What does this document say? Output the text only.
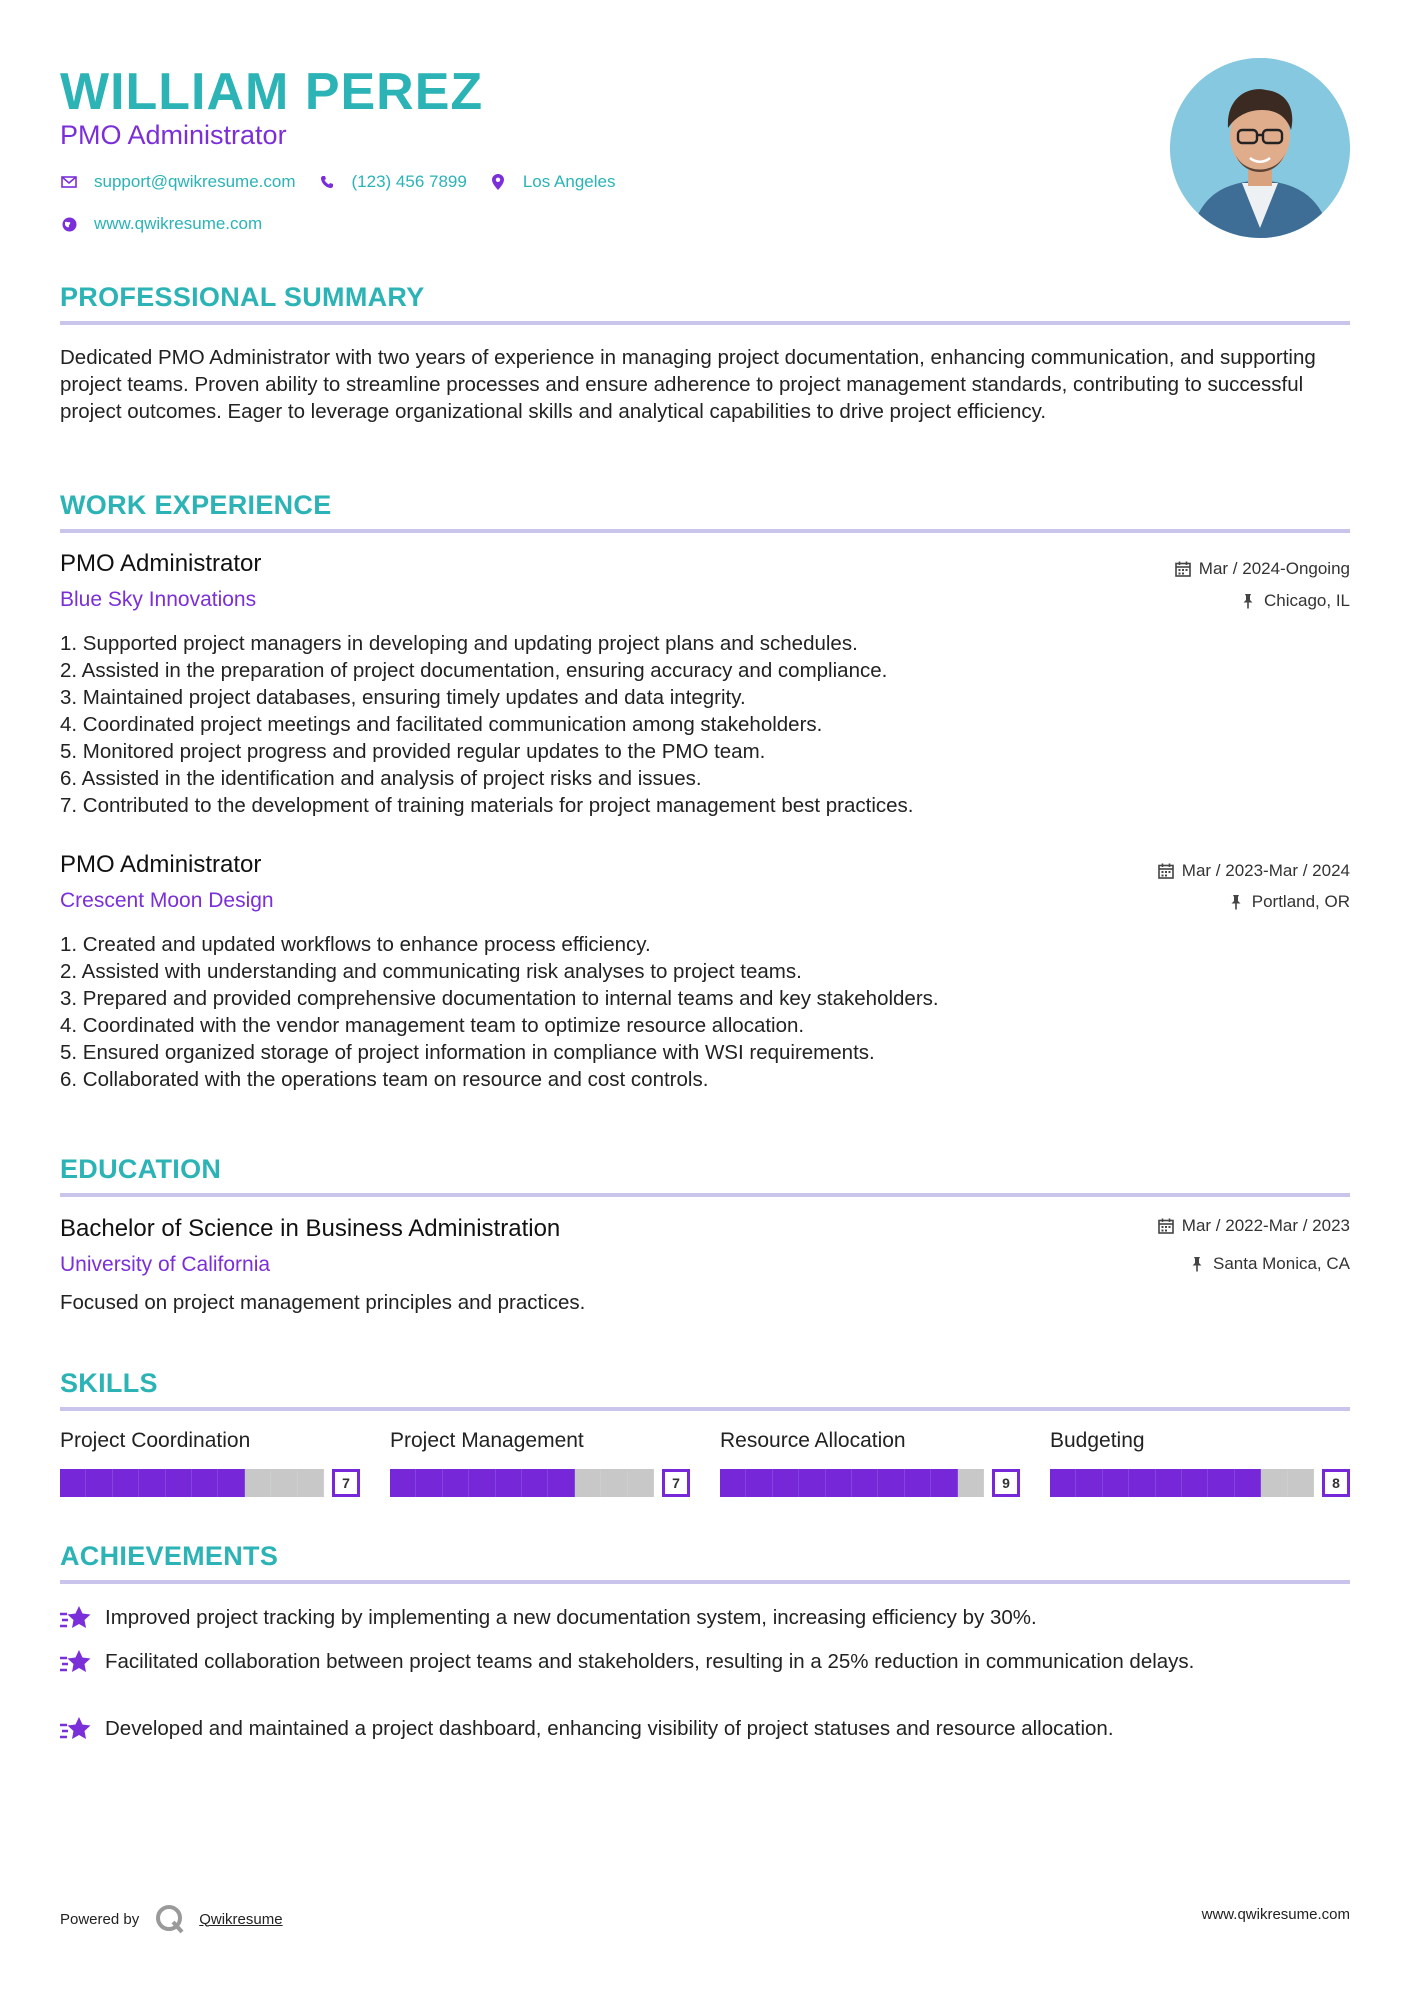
WILLIAM PEREZ
PMO Administrator
support@qwikresume.com	(123) 456 7899	Los Angeles
www.qwikresume.com
PROFESSIONAL SUMMARY
Dedicated PMO Administrator with two years of experience in managing project documentation, enhancing communication, and supporting project teams. Proven ability to streamline processes and ensure adherence to project management standards, contributing to successful project outcomes. Eager to leverage organizational skills and analytical capabilities to drive project efficiency.
WORK EXPERIENCE
PMO Administrator
Blue Sky Innovations
Mar / 2024-Ongoing
Chicago, IL
1. Supported project managers in developing and updating project plans and schedules.
2. Assisted in the preparation of project documentation, ensuring accuracy and compliance.
3. Maintained project databases, ensuring timely updates and data integrity.
4. Coordinated project meetings and facilitated communication among stakeholders.
5. Monitored project progress and provided regular updates to the PMO team.
6. Assisted in the identification and analysis of project risks and issues.
7. Contributed to the development of training materials for project management best practices.
PMO Administrator
Crescent Moon Design
Mar / 2023-Mar / 2024
Portland, OR
1. Created and updated workflows to enhance process efficiency.
2. Assisted with understanding and communicating risk analyses to project teams.
3. Prepared and provided comprehensive documentation to internal teams and key stakeholders.
4. Coordinated with the vendor management team to optimize resource allocation.
5. Ensured organized storage of project information in compliance with WSI requirements.
6. Collaborated with the operations team on resource and cost controls.
EDUCATION
Bachelor of Science in Business Administration
University of California
Mar / 2022-Mar / 2023
Santa Monica, CA
Focused on project management principles and practices.
SKILLS
Project Coordination
7
Project Management
7
Resource Allocation
9
Budgeting
8
ACHIEVEMENTS
Improved project tracking by implementing a new documentation system, increasing efficiency by 30%.
Facilitated collaboration between project teams and stakeholders, resulting in a 25% reduction in communication delays.
Developed and maintained a project dashboard, enhancing visibility of project statuses and resource allocation.
Powered by	Qwikresume	www.qwikresume.com
